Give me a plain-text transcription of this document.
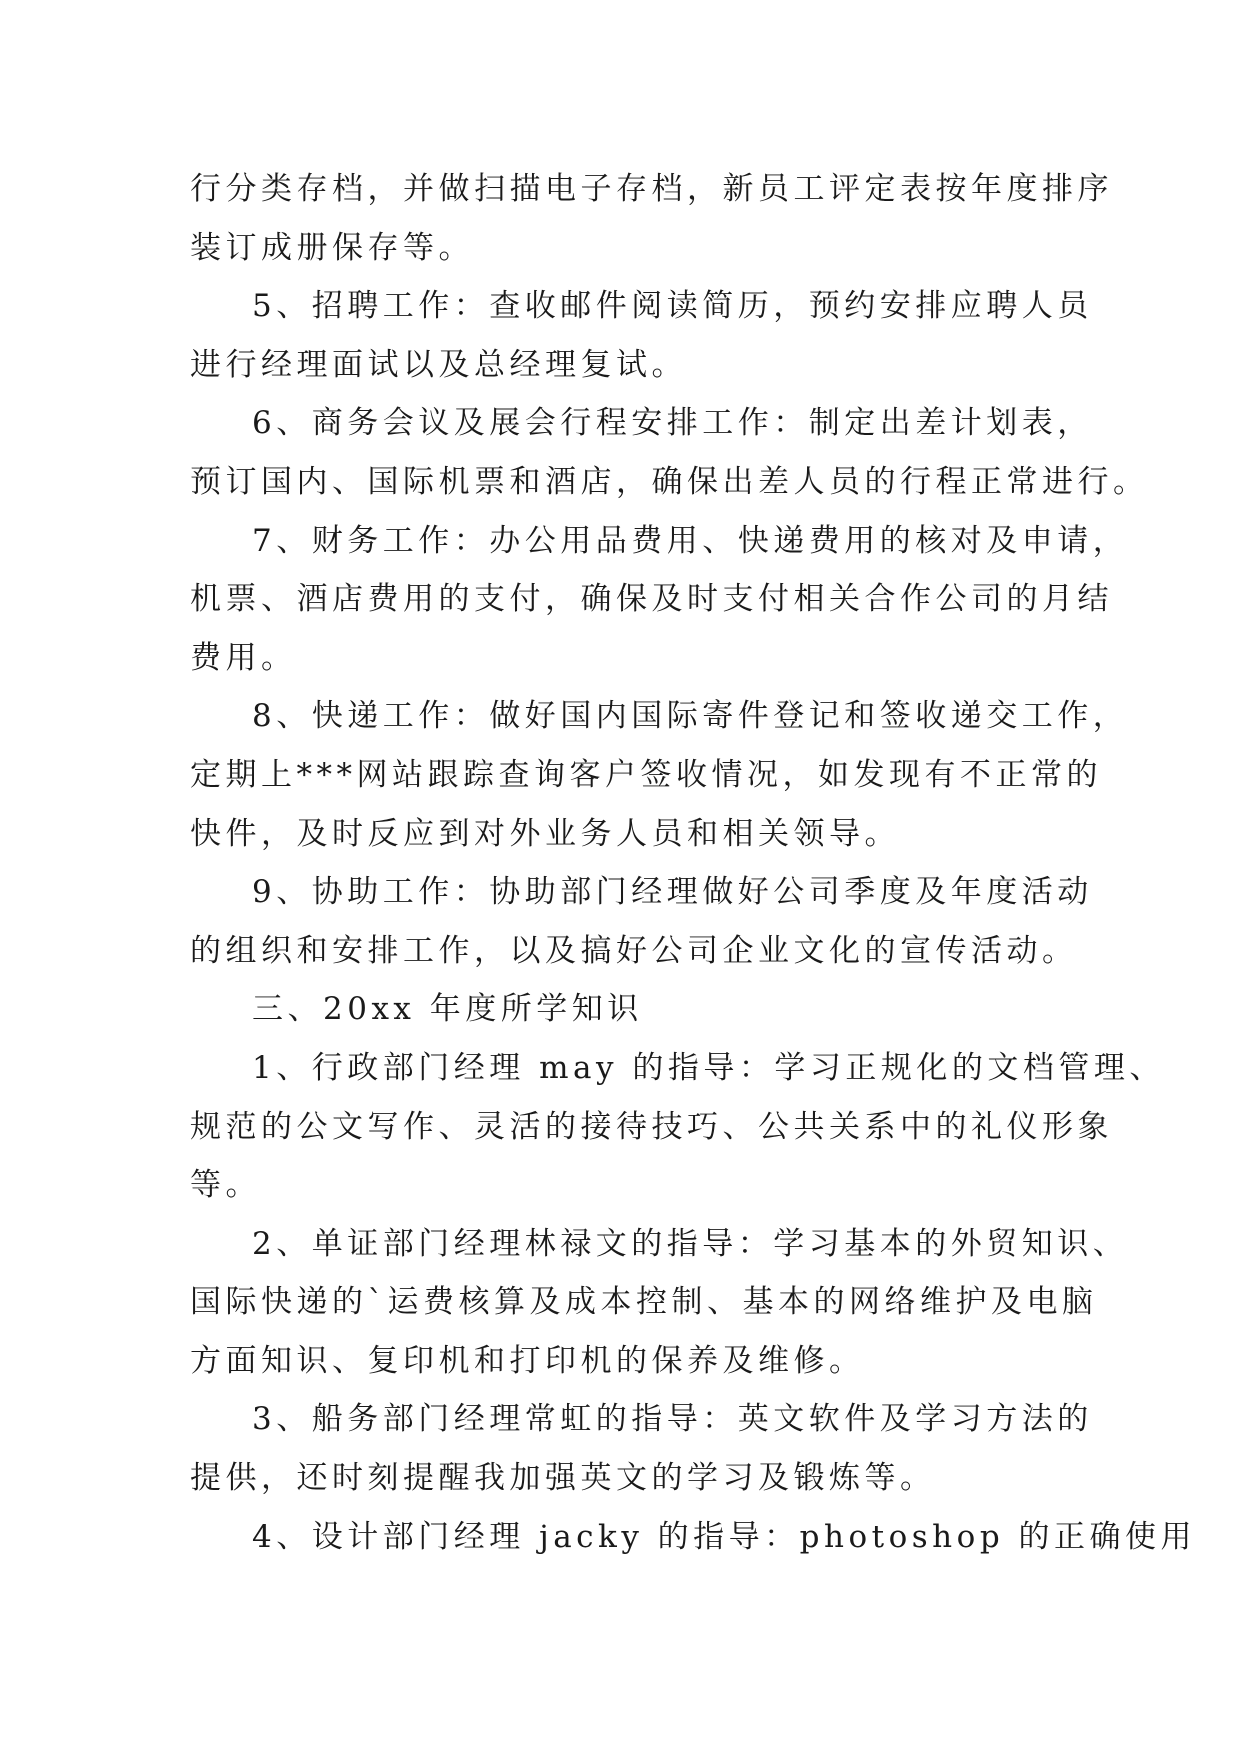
行分类存档，并做扫描电子存档，新员工评定表按年度排序
装订成册保存等。
5、招聘工作：查收邮件阅读简历，预约安排应聘人员
进行经理面试以及总经理复试。
6、商务会议及展会行程安排工作：制定出差计划表，
预订国内、国际机票和酒店，确保出差人员的行程正常进行。
7、财务工作：办公用品费用、快递费用的核对及申请，
机票、酒店费用的支付，确保及时支付相关合作公司的月结
费用。
8、快递工作：做好国内国际寄件登记和签收递交工作，
定期上***网站跟踪查询客户签收情况，如发现有不正常的
快件，及时反应到对外业务人员和相关领导。
9、协助工作：协助部门经理做好公司季度及年度活动
的组织和安排工作，以及搞好公司企业文化的宣传活动。
三、20xx 年度所学知识
1、行政部门经理 may 的指导：学习正规化的文档管理、
规范的公文写作、灵活的接待技巧、公共关系中的礼仪形象
等。
2、单证部门经理林禄文的指导：学习基本的外贸知识、
国际快递的`运费核算及成本控制、基本的网络维护及电脑
方面知识、复印机和打印机的保养及维修。
3、船务部门经理常虹的指导：英文软件及学习方法的
提供，还时刻提醒我加强英文的学习及锻炼等。
4、设计部门经理 jacky 的指导：photoshop 的正确使用
